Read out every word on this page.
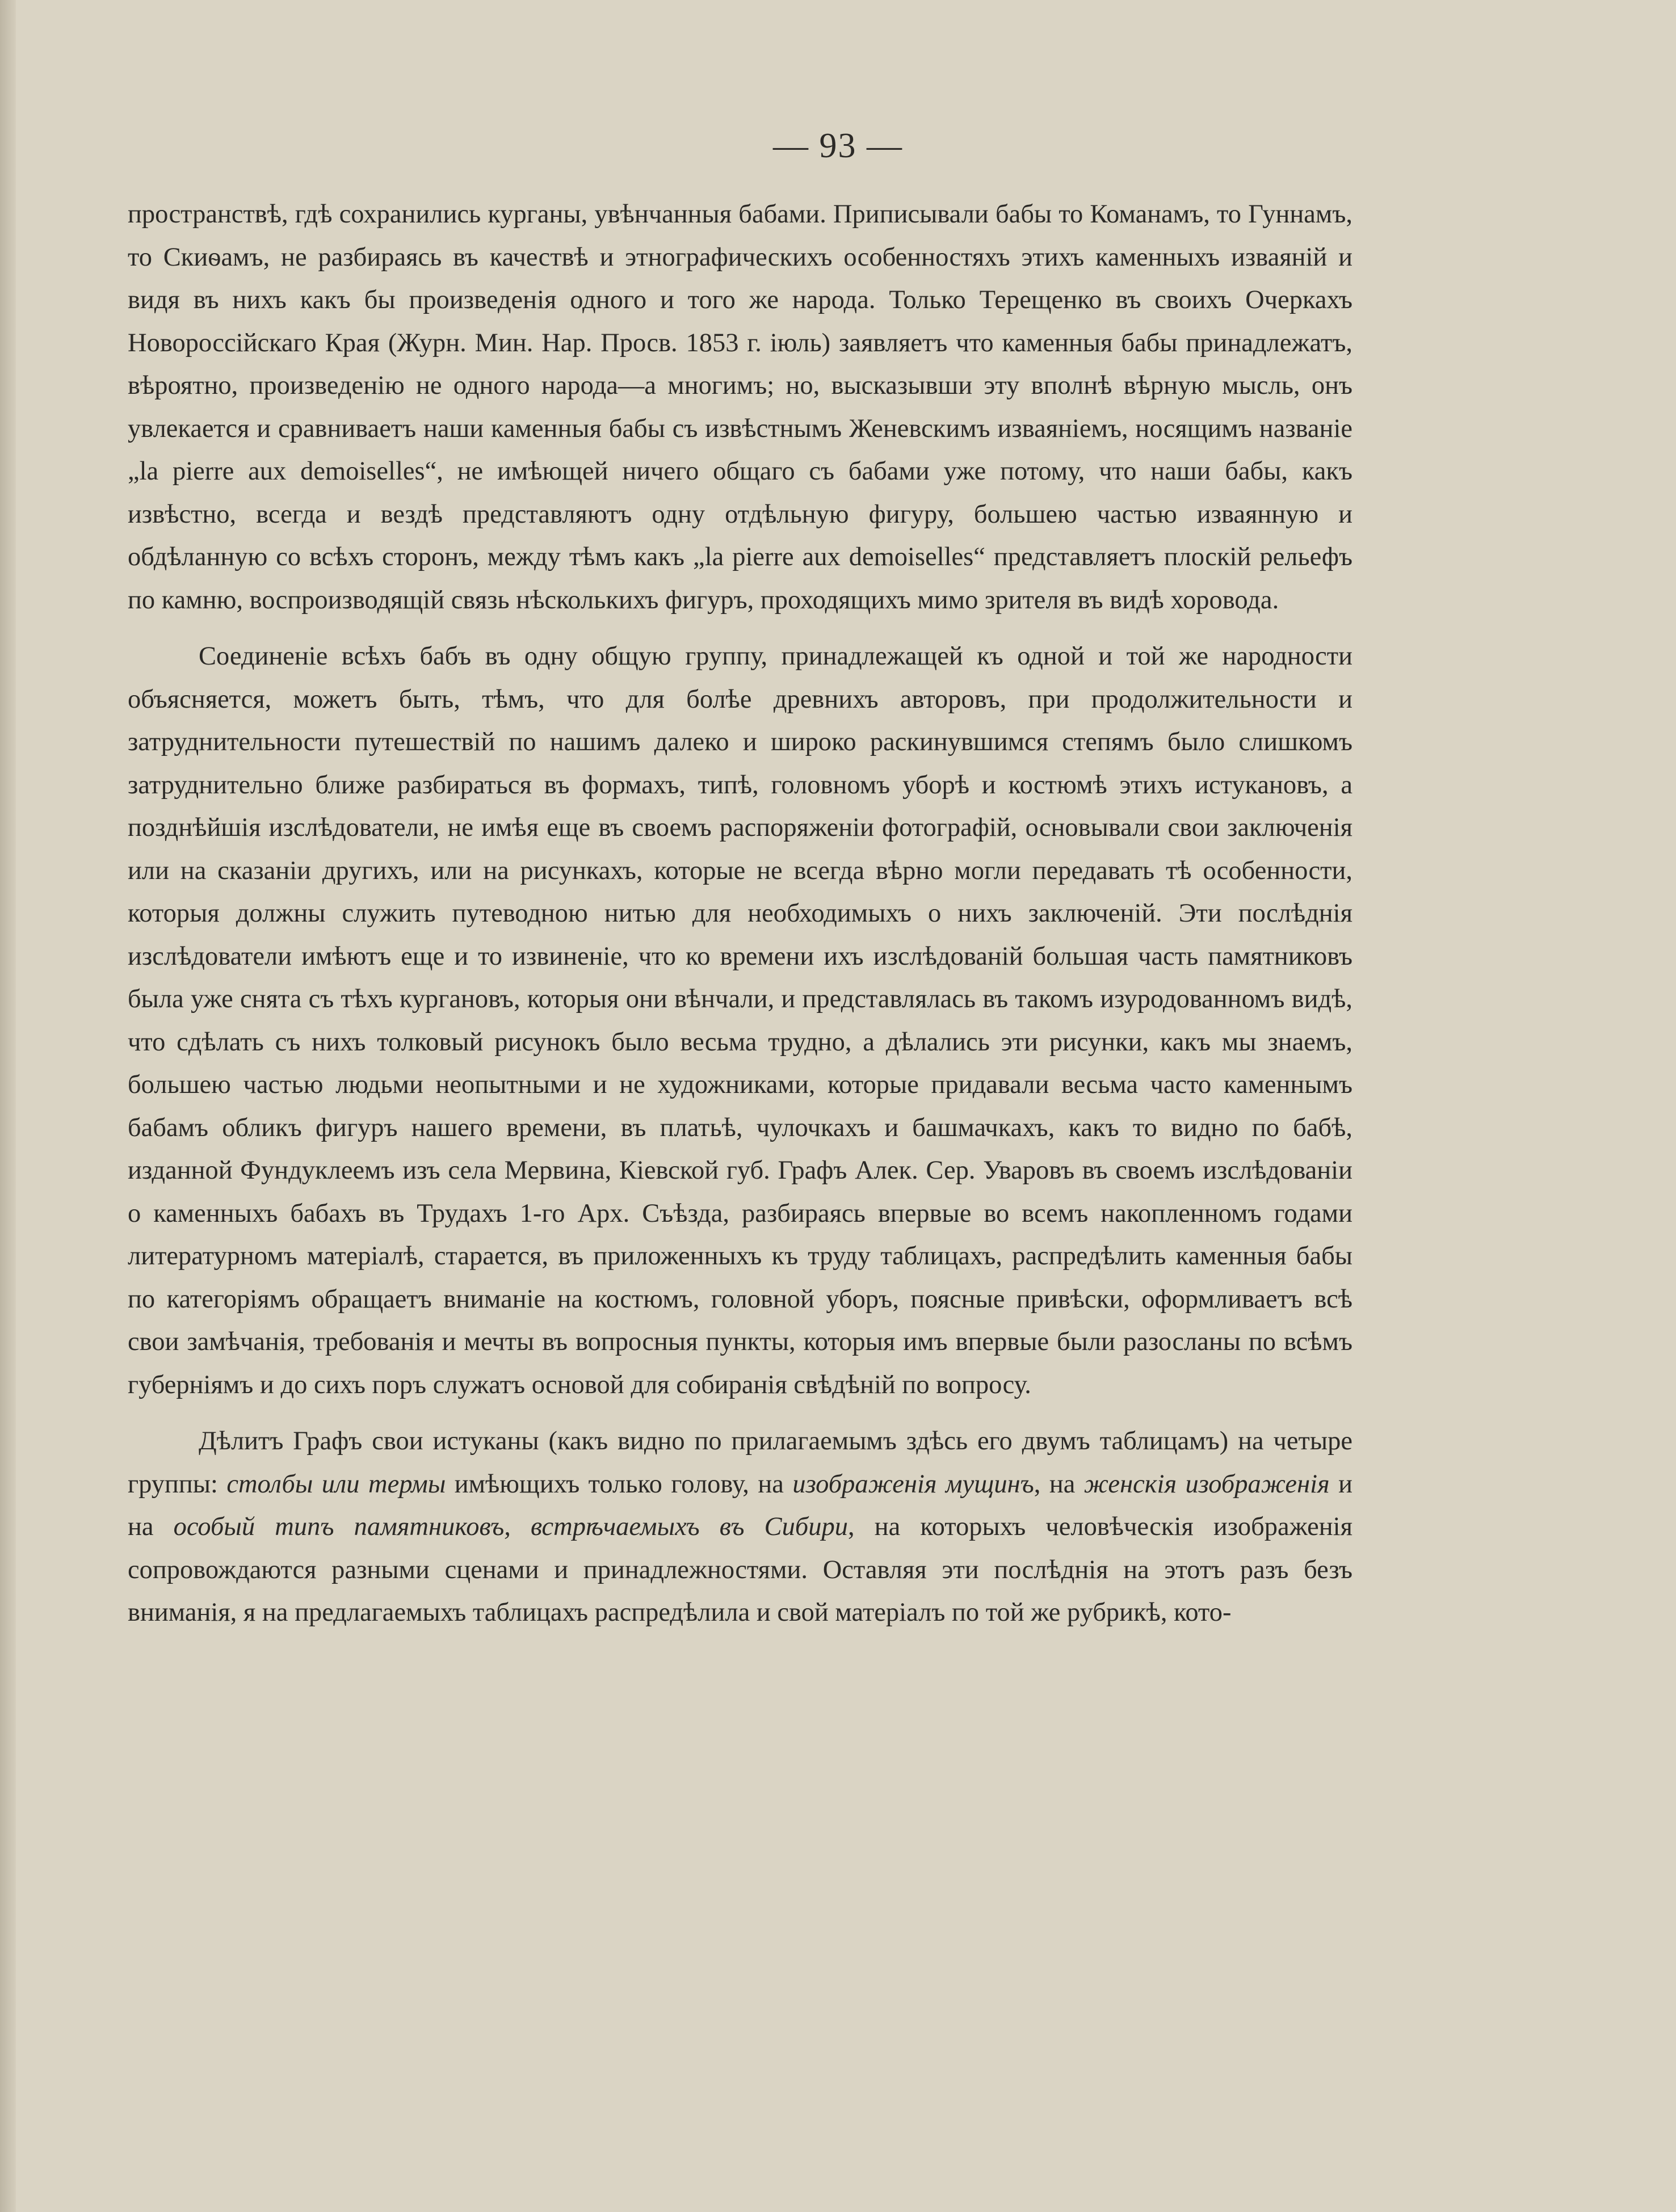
— 93 —

пространствѣ, гдѣ сохранились курганы, увѣнчанныя бабами. Приписывали бабы то Команамъ, то Гуннамъ, то Скиѳамъ, не разбираясь въ качествѣ и этнографическихъ особенностяхъ этихъ каменныхъ изваяній и видя въ нихъ какъ бы произведенія одного и того же народа. Только Терещенко въ своихъ Очеркахъ Новороссійскаго Края (Журн. Мин. Нар. Просв. 1853 г. іюль) заявляетъ что каменныя бабы принадлежатъ, вѣроятно, произведенію не одного народа—а многимъ; но, высказывши эту вполнѣ вѣрную мысль, онъ увлекается и сравниваетъ наши каменныя бабы съ извѣстнымъ Женевскимъ изваяніемъ, носящимъ названіе „la pierre aux demoiselles“, не имѣющей ничего общаго съ бабами уже потому, что наши бабы, какъ извѣстно, всегда и вездѣ представляютъ одну отдѣльную фигуру, большею частью изваянную и обдѣланную со всѣхъ сторонъ, между тѣмъ какъ „la pierre aux demoiselles“ представляетъ плоскій рельефъ по камню, воспроизводящій связь нѣсколькихъ фигуръ, проходящихъ мимо зрителя въ видѣ хоровода.

Соединеніе всѣхъ бабъ въ одну общую группу, принадлежащей къ одной и той же народности объясняется, можетъ быть, тѣмъ, что для болѣе древнихъ авторовъ, при продолжительности и затруднительности путешествій по нашимъ далеко и широко раскинувшимся степямъ было слишкомъ затруднительно ближе разбираться въ формахъ, типѣ, головномъ уборѣ и костюмѣ этихъ истукановъ, а позднѣйшія изслѣдователи, не имѣя еще въ своемъ распоряженіи фотографій, основывали свои заключенія или на сказаніи другихъ, или на рисункахъ, которые не всегда вѣрно могли передавать тѣ особенности, которыя должны служить путеводною нитью для необходимыхъ о нихъ заключеній. Эти послѣднія изслѣдователи имѣютъ еще и то извиненіе, что ко времени ихъ изслѣдованій большая часть памятниковъ была уже снята съ тѣхъ кургановъ, которыя они вѣнчали, и представлялась въ такомъ изуродованномъ видѣ, что сдѣлать съ нихъ толковый рисунокъ было весьма трудно, а дѣлались эти рисунки, какъ мы знаемъ, большею частью людьми неопытными и не художниками, которые придавали весьма часто каменнымъ бабамъ обликъ фигуръ нашего времени, въ платьѣ, чулочкахъ и башмачкахъ, какъ то видно по бабѣ, изданной Фундуклеемъ изъ села Мервина, Кіевской губ. Графъ Алек. Сер. Уваровъ въ своемъ изслѣдованіи о каменныхъ бабахъ въ Трудахъ 1-го Арх. Съѣзда, разбираясь впервые во всемъ накопленномъ годами литературномъ матеріалѣ, старается, въ приложенныхъ къ труду таблицахъ, распредѣлить каменныя бабы по категоріямъ обращаетъ вниманіе на костюмъ, головной уборъ, поясные привѣски, оформливаетъ всѣ свои замѣчанія, требованія и мечты въ вопросныя пункты, которыя имъ впервые были разосланы по всѣмъ губерніямъ и до сихъ поръ служатъ основой для собиранія свѣдѣній по вопросу.

Дѣлитъ Графъ свои истуканы (какъ видно по прилагаемымъ здѣсь его двумъ таблицамъ) на четыре группы: столбы или термы имѣющихъ только голову, на изображенія мущинъ, на женскія изображенія и на особый типъ памятниковъ, встрѣчаемыхъ въ Сибири, на которыхъ человѣческія изображенія сопровождаются разными сценами и принадлежностями. Оставляя эти послѣднія на этотъ разъ безъ вниманія, я на предлагаемыхъ таблицахъ распредѣлила и свой матеріалъ по той же рубрикѣ, кото-
